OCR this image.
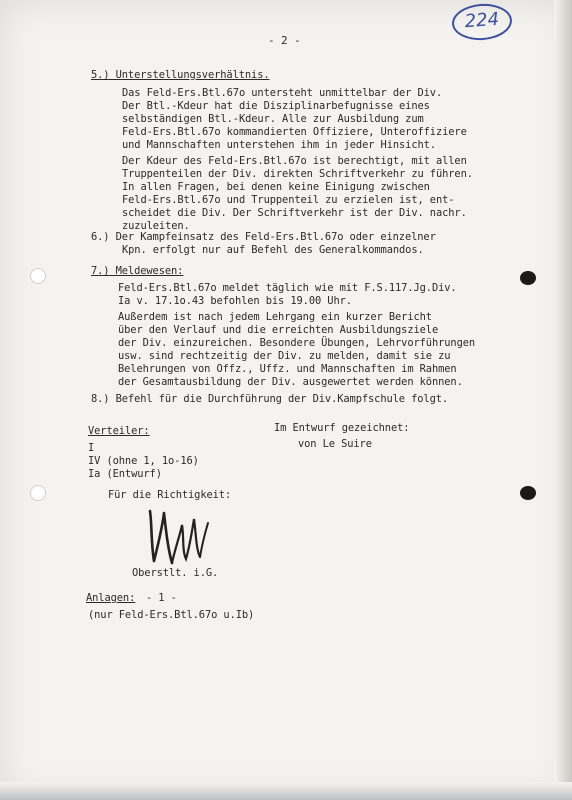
224
- 2 -
5.) Unterstellungsverhältnis.
Das Feld-Ers.Btl.67o untersteht unmittelbar der Div.
Der Btl.-Kdeur hat die Disziplinarbefugnisse eines
selbständigen Btl.-Kdeur. Alle zur Ausbildung zum
Feld-Ers.Btl.67o kommandierten Offiziere, Unteroffiziere
und Mannschaften unterstehen ihm in jeder Hinsicht.
Der Kdeur des Feld-Ers.Btl.67o ist berechtigt, mit allen
Truppenteilen der Div. direkten Schriftverkehr zu führen.
In allen Fragen, bei denen keine Einigung zwischen
Feld-Ers.Btl.67o und Truppenteil zu erzielen ist, ent-
scheidet die Div. Der Schriftverkehr ist der Div. nachr.
zuzuleiten.
6.) Der Kampfeinsatz des Feld-Ers.Btl.67o oder einzelner
Kpn. erfolgt nur auf Befehl des Generalkommandos.
7.) Meldewesen:
Feld-Ers.Btl.67o meldet täglich wie mit F.S.117.Jg.Div.
Ia v. 17.1o.43 befohlen bis 19.00 Uhr.
Außerdem ist nach jedem Lehrgang ein kurzer Bericht
über den Verlauf und die erreichten Ausbildungsziele
der Div. einzureichen. Besondere Übungen, Lehrvorführungen
usw. sind rechtzeitig der Div. zu melden, damit sie zu
Belehrungen von Offz., Uffz. und Mannschaften im Rahmen
der Gesamtausbildung der Div. ausgewertet werden können.
8.) Befehl für die Durchführung der Div.Kampfschule folgt.
Verteiler:
I
IV (ohne 1, 1o-16)
Ia (Entwurf)
Im Entwurf gezeichnet:
von Le Suire
Für die Richtigkeit:
Oberstlt. i.G.
Anlagen: - 1 -
(nur Feld-Ers.Btl.67o u.Ib)
